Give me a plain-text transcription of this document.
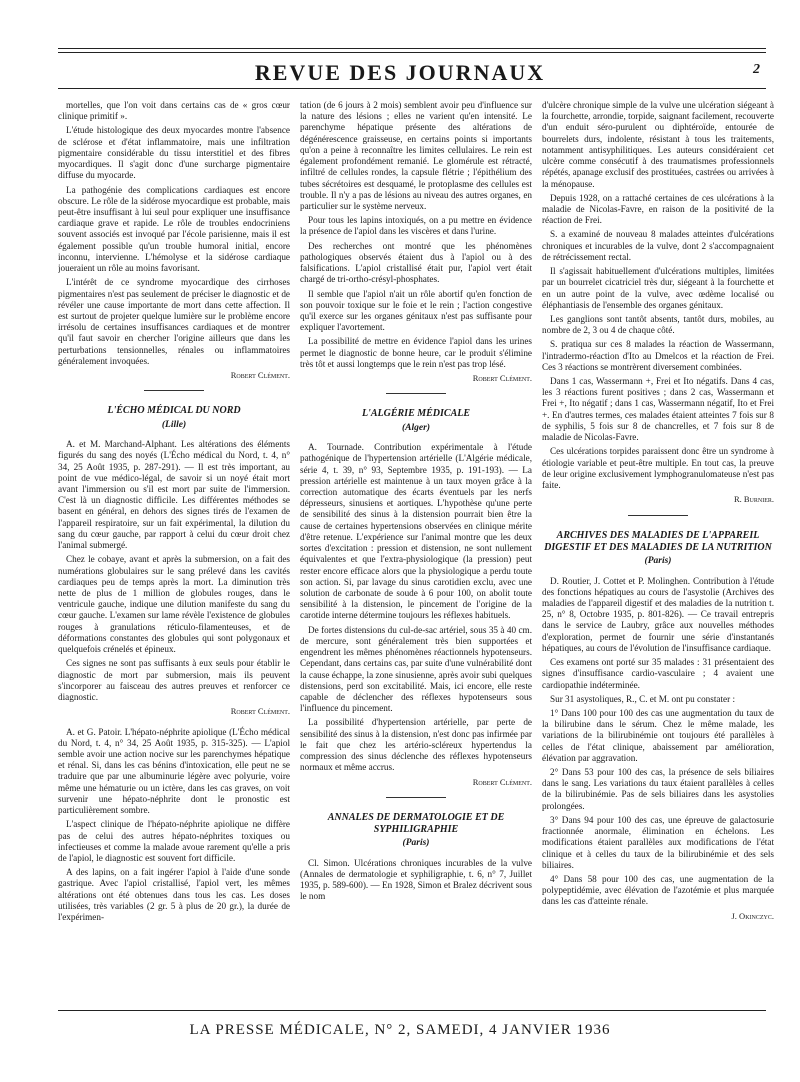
REVUE DES JOURNAUX	2

mortelles, que l'on voit dans certains cas de « gros cœur clinique primitif ».

L'étude histologique des deux myocardes montre l'absence de sclérose et d'état inflammatoire, mais une infiltration pigmentaire considérable du tissu interstitiel et des fibres myocardiques. Il s'agit donc d'une surcharge pigmentaire diffuse du myocarde.

La pathogénie des complications cardiaques est encore obscure. Le rôle de la sidérose myocardique est probable, mais peut-être insuffisant à lui seul pour expliquer une insuffisance cardiaque grave et rapide. Le rôle de troubles endocriniens souvent associés est invoqué par l'école parisienne, mais il est également possible qu'un trouble humoral initial, encore inconnu, intervienne. L'hémolyse et la sidérose cardiaque joueraient un rôle au moins favorisant.

L'intérêt de ce syndrome myocardique des cirrhoses pigmentaires n'est pas seulement de préciser le diagnostic et de révéler une cause importante de mort dans cette affection. Il est surtout de projeter quelque lumière sur le problème encore irrésolu de certaines insuffisances cardiaques et de montrer qu'il faut savoir en chercher l'origine ailleurs que dans les perturbations tensionnelles, rénales ou inflammatoires généralement invoquées.

Robert Clément.

L'ÉCHO MÉDICAL DU NORD

(Lille)

A. et M. Marchand-Alphant. Les altérations des éléments figurés du sang des noyés (L'Écho médical du Nord, t. 4, n° 34, 25 Août 1935, p. 287-291). — Il est très important, au point de vue médico-légal, de savoir si un noyé était mort avant l'immersion ou s'il est mort par suite de l'immersion. C'est là un diagnostic difficile. Les différentes méthodes se basent en général, en dehors des signes tirés de l'examen de l'appareil respiratoire, sur un fait expérimental, la dilution du sang du cœur gauche, par rapport à celui du cœur droit chez l'animal submergé.

Chez le cobaye, avant et après la submersion, on a fait des numérations globulaires sur le sang prélevé dans les cavités cardiaques peu de temps après la mort. La diminution très nette de plus de 1 million de globules rouges, dans le ventricule gauche, indique une dilution manifeste du sang du cœur gauche. L'examen sur lame révèle l'existence de globules rouges à granulations réticulo-filamenteuses, et de déformations constantes des globules qui sont polygonaux et quelquefois crénelés et épineux.

Ces signes ne sont pas suffisants à eux seuls pour établir le diagnostic de mort par submersion, mais ils peuvent s'incorporer au faisceau des autres preuves et renforcer ce diagnostic.

Robert Clément.

A. et G. Patoir. L'hépato-néphrite apiolique (L'Écho médical du Nord, t. 4, n° 34, 25 Août 1935, p. 315-325). — L'apiol semble avoir une action nocive sur les parenchymes hépatique et rénal. Si, dans les cas bénins d'intoxication, elle peut ne se traduire que par une albuminurie légère avec polyurie, voire même une hématurie ou un ictère, dans les cas graves, on voit survenir une hépato-néphrite dont le pronostic est particulièrement sombre.

L'aspect clinique de l'hépato-néphrite apiolique ne diffère pas de celui des autres hépato-néphrites toxiques ou infectieuses et comme la malade avoue rarement qu'elle a pris de l'apiol, le diagnostic est souvent fort difficile.

A des lapins, on a fait ingérer l'apiol à l'aide d'une sonde gastrique. Avec l'apiol cristallisé, l'apiol vert, les mêmes altérations ont été obtenues dans tous les cas. Les doses utilisées, très variables (2 gr. 5 à plus de 20 gr.), la durée de l'expérimen-

tation (de 6 jours à 2 mois) semblent avoir peu d'influence sur la nature des lésions ; elles ne varient qu'en intensité. Le parenchyme hépatique présente des altérations de dégénérescence graisseuse, en certains points si importants qu'on a peine à reconnaître les limites cellulaires. Le rein est également profondément remanié. Le glomérule est rétracté, infiltré de cellules rondes, la capsule flétrie ; l'épithélium des tubes sécrétoires est desquamé, le protoplasme des cellules est trouble. Il n'y a pas de lésions au niveau des autres organes, en particulier sur le système nerveux.

Pour tous les lapins intoxiqués, on a pu mettre en évidence la présence de l'apiol dans les viscères et dans l'urine.

Des recherches ont montré que les phénomènes pathologiques observés étaient dus à l'apiol ou à des falsifications. L'apiol cristallisé était pur, l'apiol vert était chargé de tri-ortho-crésyl-phosphates.

Il semble que l'apiol n'ait un rôle abortif qu'en fonction de son pouvoir toxique sur le foie et le rein ; l'action congestive qu'il exerce sur les organes génitaux n'est pas suffisante pour expliquer l'avortement.

La possibilité de mettre en évidence l'apiol dans les urines permet le diagnostic de bonne heure, car le produit s'élimine très tôt et aussi longtemps que le rein n'est pas trop lésé.

Robert Clément.

L'ALGÉRIE MÉDICALE

(Alger)

A. Tournade. Contribution expérimentale à l'étude pathogénique de l'hypertension artérielle (L'Algérie médicale, série 4, t. 39, n° 93, Septembre 1935, p. 191-193). — La pression artérielle est maintenue à un taux moyen grâce à la correction automatique des écarts éventuels par les nerfs dépresseurs, sinusiens et aortiques. L'hypothèse qu'une perte de sensibilité des sinus à la distension pourrait bien être la cause de certaines hypertensions observées en clinique mérite d'être retenue. L'expérience sur l'animal montre que les deux sortes d'excitation : pression et distension, ne sont nullement équivalentes et que l'extra-physiologique (la pression) peut rester encore efficace alors que la physiologique a perdu toute son action. Si, par lavage du sinus carotidien exclu, avec une solution de carbonate de soude à 6 pour 100, on abolit toute sensibilité à la distension, le pincement de l'origine de la carotide interne détermine toujours les réflexes habituels.

De fortes distensions du cul-de-sac artériel, sous 35 à 40 cm. de mercure, sont généralement très bien supportées et engendrent les mêmes phénomènes réactionnels hypotenseurs. Cependant, dans certains cas, par suite d'une vulnérabilité dont la cause échappe, la zone sinusienne, après avoir subi quelques distensions, perd son excitabilité. Mais, ici encore, elle reste capable de déclencher des réflexes hypotenseurs sous l'influence du pincement.

La possibilité d'hypertension artérielle, par perte de sensibilité des sinus à la distension, n'est donc pas infirmée par le fait que chez les artério-scléreux hypertendus la compression des sinus déclenche des réflexes hypotenseurs normaux et même accrus.

Robert Clément.

ANNALES DE DERMATOLOGIE ET DE SYPHILIGRAPHIE

(Paris)

Cl. Simon. Ulcérations chroniques incurables de la vulve (Annales de dermatologie et syphiligraphie, t. 6, n° 7, Juillet 1935, p. 589-600). — En 1928, Simon et Bralez décrivent sous le nom

d'ulcère chronique simple de la vulve une ulcération siégeant à la fourchette, arrondie, torpide, saignant facilement, recouverte d'un enduit séro-purulent ou diphtéroïde, entourée de bourrelets durs, indolente, résistant à tous les traitements, notamment antisyphilitiques. Les auteurs considéraient cet ulcère comme consécutif à des traumatismes professionnels répétés, apanage exclusif des prostituées, castrées ou arrivées à la ménopause.

Depuis 1928, on a rattaché certaines de ces ulcérations à la maladie de Nicolas-Favre, en raison de la positivité de la réaction de Frei.

S. a examiné de nouveau 8 malades atteintes d'ulcérations chroniques et incurables de la vulve, dont 2 s'accompagnaient de rétrécissement rectal.

Il s'agissait habituellement d'ulcérations multiples, limitées par un bourrelet cicatriciel très dur, siégeant à la fourchette et en un autre point de la vulve, avec œdème localisé ou éléphantiasis de l'ensemble des organes génitaux.

Les ganglions sont tantôt absents, tantôt durs, mobiles, au nombre de 2, 3 ou 4 de chaque côté.

S. pratiqua sur ces 8 malades la réaction de Wassermann, l'intradermo-réaction d'Ito au Dmelcos et la réaction de Frei. Ces 3 réactions se montrèrent diversement combinées.

Dans 1 cas, Wassermann +, Frei et Ito négatifs. Dans 4 cas, les 3 réactions furent positives ; dans 2 cas, Wassermann et Frei +, Ito négatif ; dans 1 cas, Wassermann négatif, Ito et Frei +. En d'autres termes, ces malades étaient atteintes 7 fois sur 8 de syphilis, 5 fois sur 8 de chancrelles, et 7 fois sur 8 de maladie de Nicolas-Favre.

Ces ulcérations torpides paraissent donc être un syndrome à étiologie variable et peut-être multiple. En tout cas, la preuve de leur origine exclusivement lymphogranulomateuse n'est pas faite.

R. Burnier.

ARCHIVES DES MALADIES DE L'APPAREIL DIGESTIF ET DES MALADIES DE LA NUTRITION

(Paris)

D. Routier, J. Cottet et P. Molinghen. Contribution à l'étude des fonctions hépatiques au cours de l'asystolie (Archives des maladies de l'appareil digestif et des maladies de la nutrition t. 25, n° 8, Octobre 1935, p. 801-826). — Ce travail entrepris dans le service de Laubry, grâce aux nouvelles méthodes d'exploration, permet de fournir une série d'instantanés hépatiques, au cours de l'évolution de l'insuffisance cardiaque.

Ces examens ont porté sur 35 malades : 31 présentaient des signes d'insuffisance cardio-vasculaire ; 4 avaient une cardiopathie indéterminée.

Sur 31 asystoliques, R., C. et M. ont pu constater :

1° Dans 100 pour 100 des cas une augmentation du taux de la bilirubine dans le sérum. Chez le même malade, les variations de la bilirubinémie ont toujours été parallèles à celles de l'état clinique, abaissement par amélioration, élévation par aggravation.

2° Dans 53 pour 100 des cas, la présence de sels biliaires dans le sang. Les variations du taux étaient parallèles à celles de la bilirubinémie. Pas de sels biliaires dans les asystolies prolongées.

3° Dans 94 pour 100 des cas, une épreuve de galactosurie fractionnée anormale, élimination en échelons. Les modifications étaient parallèles aux modifications de l'état clinique et à celles du taux de la bilirubinémie et des sels biliaires.

4° Dans 58 pour 100 des cas, une augmentation de la polypeptidémie, avec élévation de l'azotémie et plus marquée dans les cas d'atteinte rénale.

J. Okinczyc.

LA PRESSE MÉDICALE, N° 2, SAMEDI, 4 JANVIER 1936
